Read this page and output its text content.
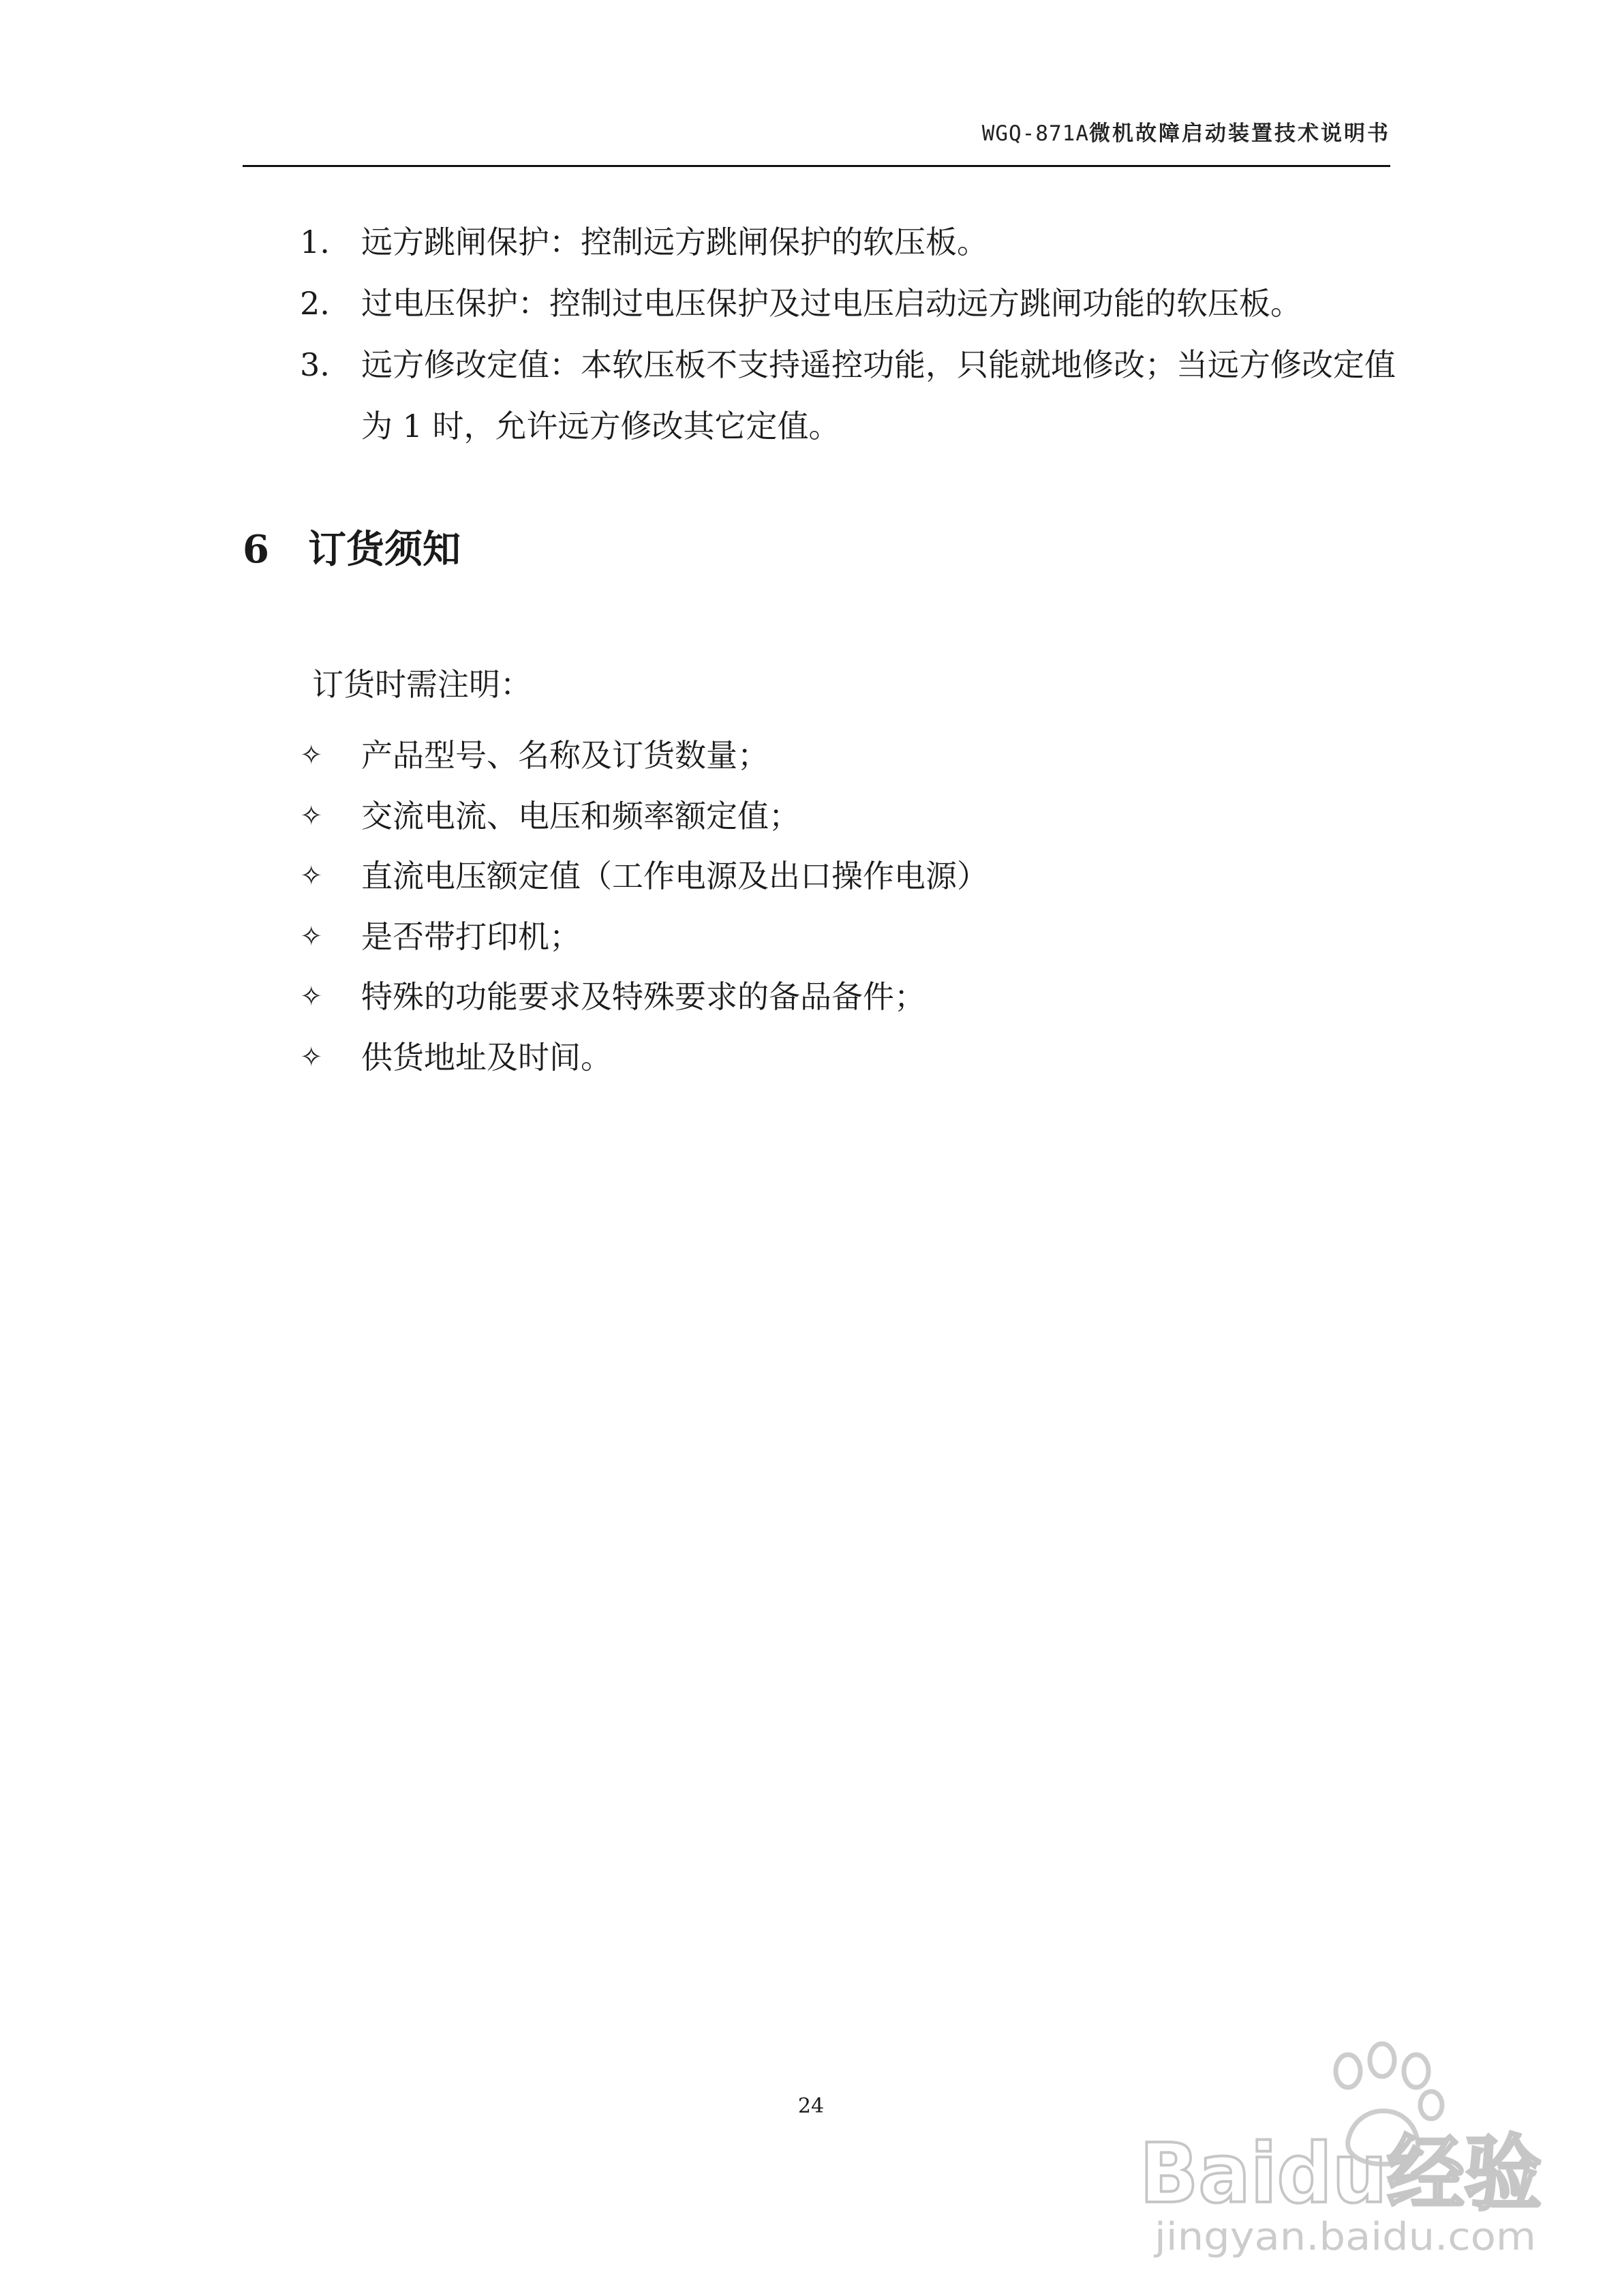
WGQ-871A微机故障启动装置技术说明书
1. 远方跳闸保护：控制远方跳闸保护的软压板。
2. 过电压保护：控制过电压保护及过电压启动远方跳闸功能的软压板。
3. 远方修改定值：本软压板不支持遥控功能，只能就地修改；当远方修改定值为 1 时，允许远方修改其它定值。
6 订货须知
订货时需注明：
✧ 产品型号、名称及订货数量；
✧ 交流电流、电压和频率额定值；
✧ 直流电压额定值（工作电源及出口操作电源）
✧ 是否带打印机；
✧ 特殊的功能要求及特殊要求的备品备件；
✧ 供货地址及时间。
24
Baidu经验
jingyan.baidu.com
